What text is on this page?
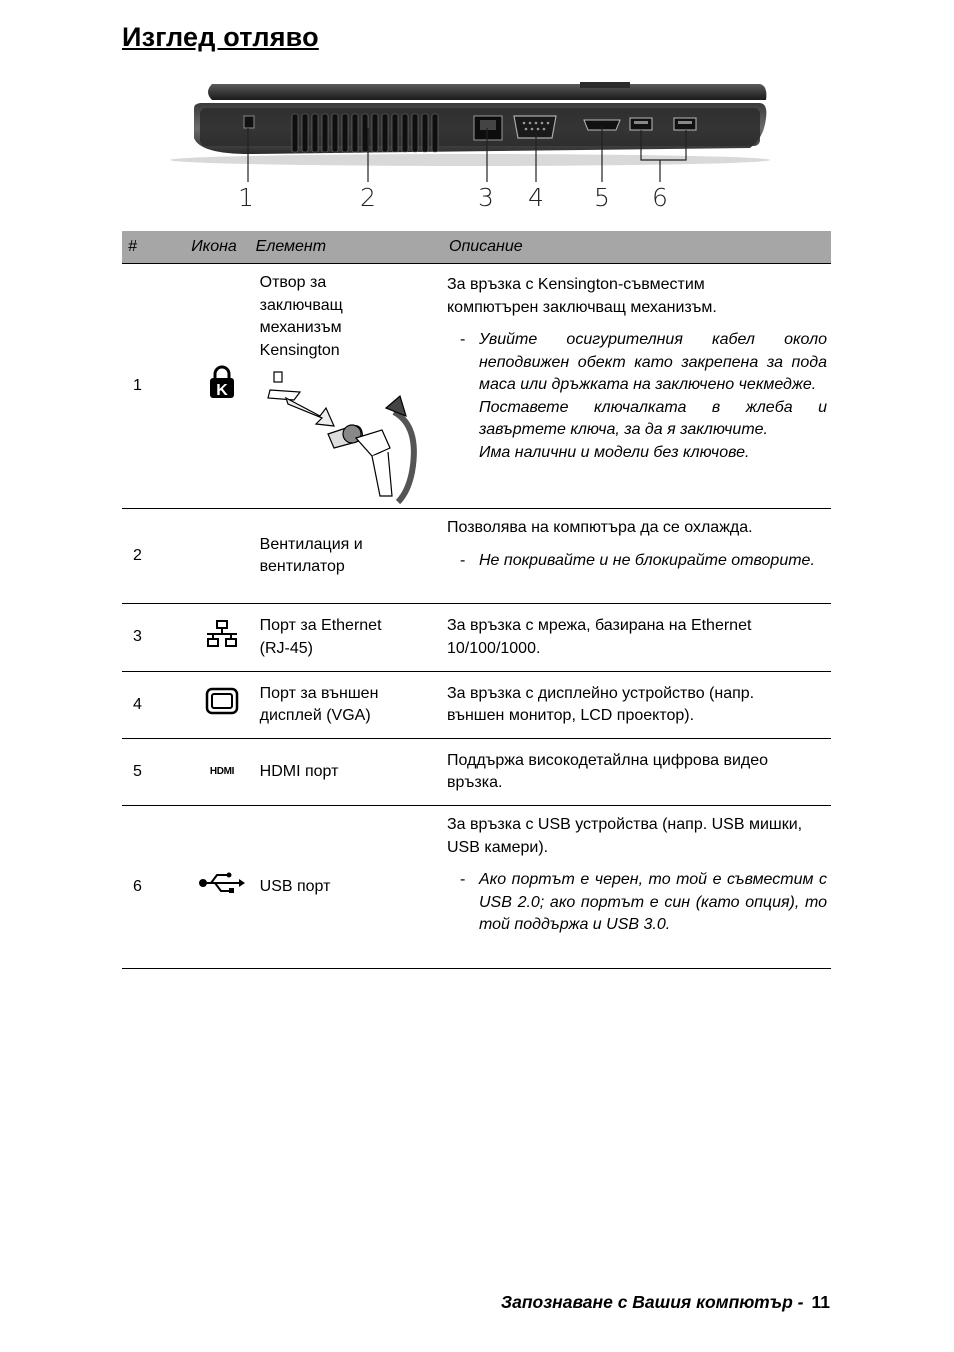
Изглед отляво
1	2	3 4 5 6
#	Икона	Елемент	Описание
1	K	Отвор за заключващ механизъм Kensington	За връзка с Kensington-съвместим компютърен заключващ механизъм.

- Увийте осигурителния кабел около неподвижен обект като закрепена за пода маса или дръжката на заключено чекмедже.
Поставете ключалката в жлеба и завъртете ключа, за да я заключите.
Има налични и модели без ключове.

2		Вентилация и вентилатор	Позволява на компютъра да се охлажда.

- Не покривайте и не блокирайте отворите.

3		Порт за Ethernet (RJ-45)	За връзка с мрежа, базирана на Ethernet 10/100/1000.

4		Порт за външен дисплей (VGA)	За връзка с дисплейно устройство (напр. външен монитор, LCD проектор).

5	HDMI	HDMI порт	Поддържа високодетайлна цифрова видео връзка.

6		USB порт	За връзка с USB устройства (напр. USB мишки, USB камери).

- Ако портът е черен, то той е съвместим с USB 2.0; ако портът е син (като опция), то той поддържа и USB 3.0.
Запознаване с Вашия компютър - 11
